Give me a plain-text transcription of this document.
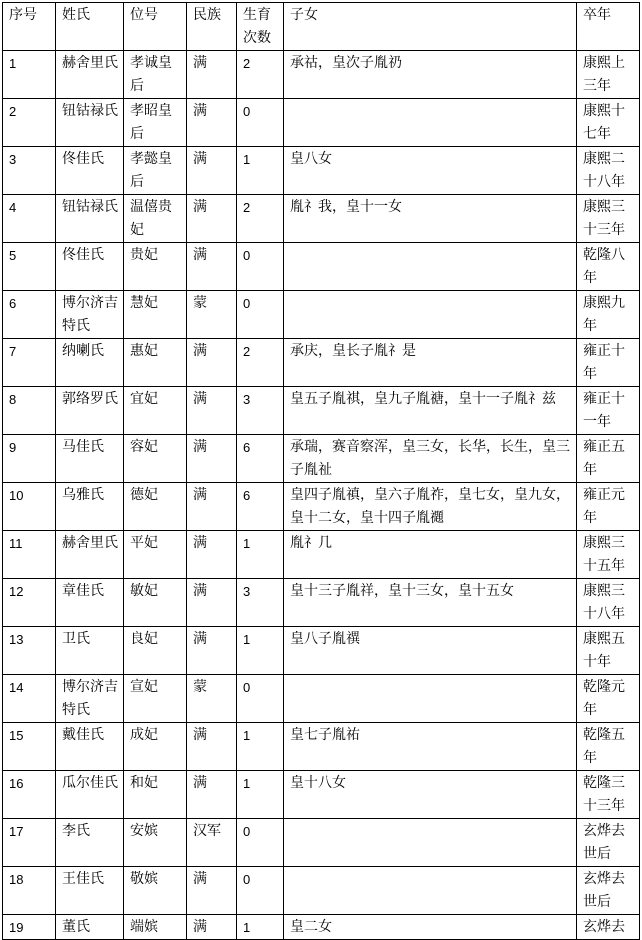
序号	姓氏	位号	民族	生育次数	子女	卒年
1	赫舍里氏	孝诚皇后	满	2	承祜，皇次子胤礽	康熙上三年
2	钮钴禄氏	孝昭皇后	满	0		康熙十七年
3	佟佳氏	孝懿皇后	满	1	皇八女	康熙二十八年
4	钮钴禄氏	温僖贵妃	满	2	胤礻我，皇十一女	康熙三十三年
5	佟佳氏	贵妃	满	0		乾隆八年
6	博尔济吉特氏	慧妃	蒙	0		康熙九年
7	纳喇氏	惠妃	满	2	承庆，皇长子胤礻是	雍正十年
8	郭络罗氏	宜妃	满	3	皇五子胤祺，皇九子胤禟，皇十一子胤礻兹	雍正十一年
9	马佳氏	容妃	满	6	承瑞，赛音察浑，皇三女，长华，长生，皇三子胤祉	雍正五年
10	乌雅氏	德妃	满	6	皇四子胤禛，皇六子胤祚，皇七女，皇九女，皇十二女，皇十四子胤禵	雍正元年
11	赫舍里氏	平妃	满	1	胤礻几	康熙三十五年
12	章佳氏	敏妃	满	3	皇十三子胤祥，皇十三女，皇十五女	康熙三十八年
13	卫氏	良妃	满	1	皇八子胤禩	康熙五十年
14	博尔济吉特氏	宣妃	蒙	0		乾隆元年
15	戴佳氏	成妃	满	1	皇七子胤祐	乾隆五年
16	瓜尔佳氏	和妃	满	1	皇十八女	乾隆三十三年
17	李氏	安嫔	汉军	0		玄烨去世后
18	王佳氏	敬嫔	满	0		玄烨去世后
19	董氏	端嫔	满	1	皇二女	玄烨去
